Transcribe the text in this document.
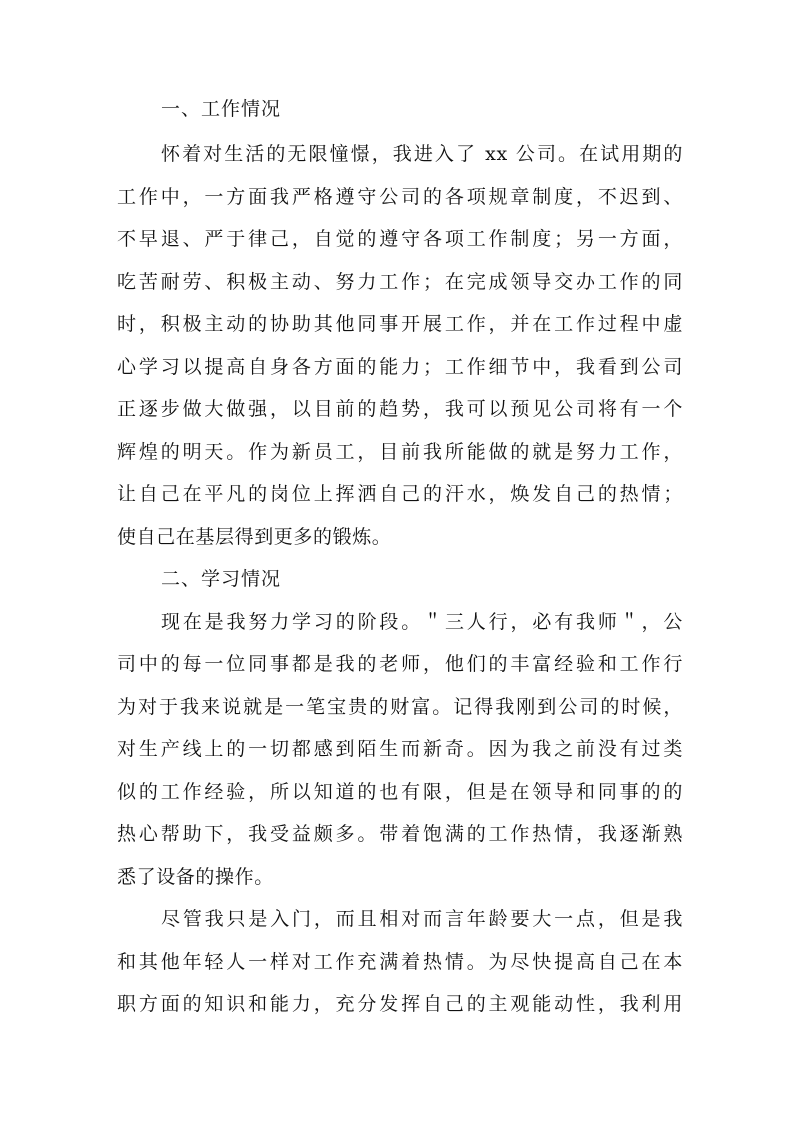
一、工作情况
怀着对生活的无限憧憬，我进入了 xx 公司。在试用期的
工作中，一方面我严格遵守公司的各项规章制度，不迟到、
不早退、严于律己，自觉的遵守各项工作制度；另一方面，
吃苦耐劳、积极主动、努力工作；在完成领导交办工作的同
时，积极主动的协助其他同事开展工作，并在工作过程中虚
心学习以提高自身各方面的能力；工作细节中，我看到公司
正逐步做大做强，以目前的趋势，我可以预见公司将有一个
辉煌的明天。作为新员工，目前我所能做的就是努力工作，
让自己在平凡的岗位上挥洒自己的汗水，焕发自己的热情；
使自己在基层得到更多的锻炼。
二、学习情况
现在是我努力学习的阶段。＂三人行，必有我师＂，公
司中的每一位同事都是我的老师，他们的丰富经验和工作行
为对于我来说就是一笔宝贵的财富。记得我刚到公司的时候，
对生产线上的一切都感到陌生而新奇。因为我之前没有过类
似的工作经验，所以知道的也有限，但是在领导和同事的的
热心帮助下，我受益颇多。带着饱满的工作热情，我逐渐熟
悉了设备的操作。
尽管我只是入门，而且相对而言年龄要大一点，但是我
和其他年轻人一样对工作充满着热情。为尽快提高自己在本
职方面的知识和能力，充分发挥自己的主观能动性，我利用
